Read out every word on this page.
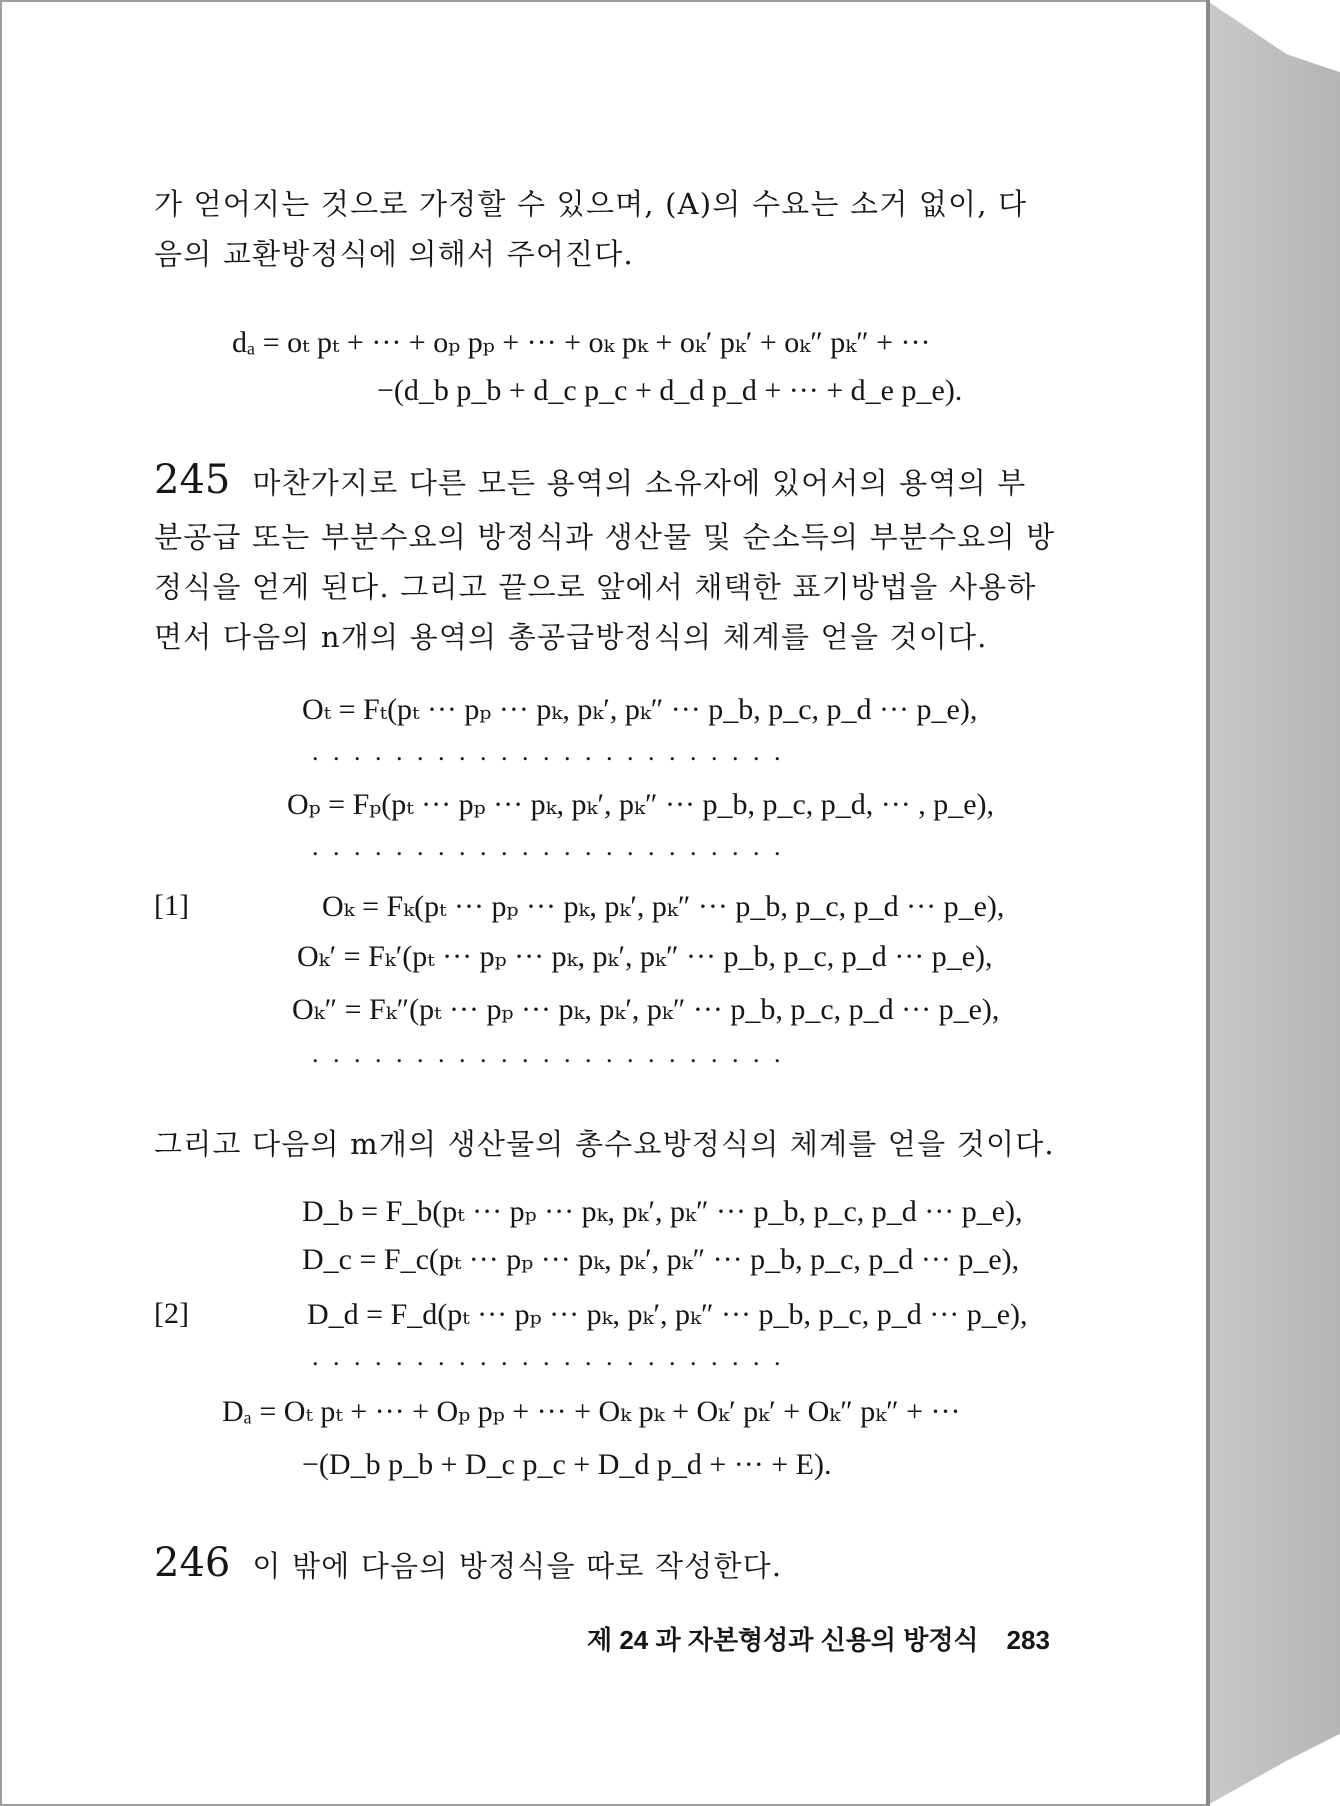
가 얻어지는 것으로 가정할 수 있으며, (A)의 수요는 소거 없이, 다
음의 교환방정식에 의해서 주어진다.
dₐ = oₜ pₜ + ··· + oₚ pₚ + ··· + oₖ pₖ + oₖ′ pₖ′ + oₖ″ pₖ″ + ···
−(d_b p_b + d_c p_c + d_d p_d + ··· + d_e p_e).
245 마찬가지로 다른 모든 용역의 소유자에 있어서의 용역의 부
분공급 또는 부분수요의 방정식과 생산물 및 순소득의 부분수요의 방
정식을 얻게 된다. 그리고 끝으로 앞에서 채택한 표기방법을 사용하
면서 다음의 n개의 용역의 총공급방정식의 체계를 얻을 것이다.
Oₜ = Fₜ(pₜ ··· pₚ ··· pₖ, pₖ′, pₖ″ ··· p_b, p_c, p_d ··· p_e),
.......................
Oₚ = Fₚ(pₜ ··· pₚ ··· pₖ, pₖ′, pₖ″ ··· p_b, p_c, p_d, ··· , p_e),
.......................
[1]	Oₖ = Fₖ(pₜ ··· pₚ ··· pₖ, pₖ′, pₖ″ ··· p_b, p_c, p_d ··· p_e),
Oₖ′ = Fₖ′(pₜ ··· pₚ ··· pₖ, pₖ′, pₖ″ ··· p_b, p_c, p_d ··· p_e),
Oₖ″ = Fₖ″(pₜ ··· pₚ ··· pₖ, pₖ′, pₖ″ ··· p_b, p_c, p_d ··· p_e),
.......................
그리고 다음의 m개의 생산물의 총수요방정식의 체계를 얻을 것이다.
D_b = F_b(pₜ ··· pₚ ··· pₖ, pₖ′, pₖ″ ··· p_b, p_c, p_d ··· p_e),
D_c = F_c(pₜ ··· pₚ ··· pₖ, pₖ′, pₖ″ ··· p_b, p_c, p_d ··· p_e),
[2]	D_d = F_d(pₜ ··· pₚ ··· pₖ, pₖ′, pₖ″ ··· p_b, p_c, p_d ··· p_e),
.......................
Dₐ = Oₜ pₜ + ··· + Oₚ pₚ + ··· + Oₖ pₖ + Oₖ′ pₖ′ + Oₖ″ pₖ″ + ···
−(D_b p_b + D_c p_c + D_d p_d + ··· + E).
246 이 밖에 다음의 방정식을 따로 작성한다.
제 24 과 자본형성과 신용의 방정식 283
